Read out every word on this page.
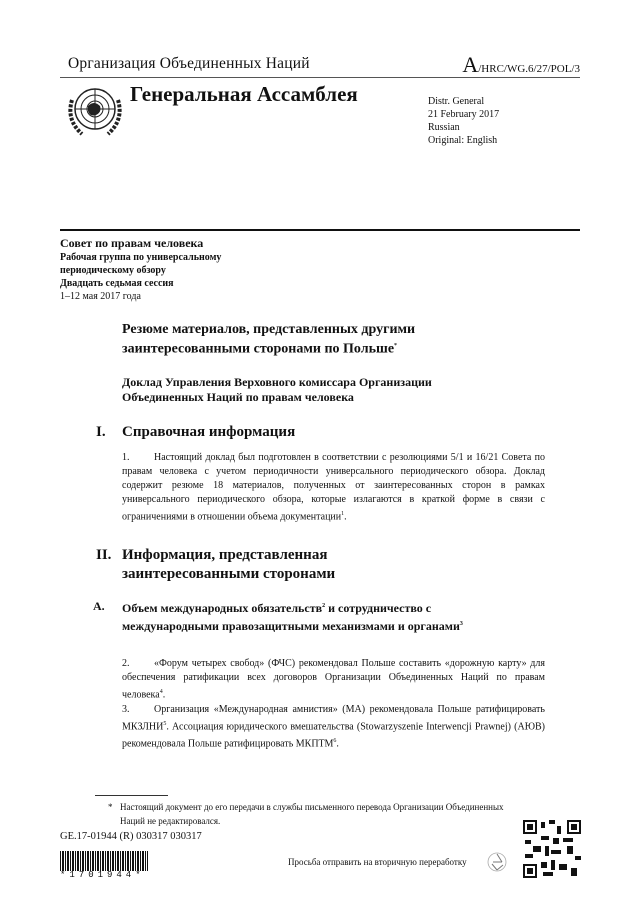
Организация Объединенных Наций	A/HRC/WG.6/27/POL/3
Генеральная Ассамблея	Distr. General
21 February 2017
Russian
Original: English
Совет по правам человека
Рабочая группа по универсальному
периодическому обзору
Двадцать седьмая сессия
1–12 мая 2017 года
Резюме материалов, представленных другими заинтересованными сторонами по Польше*
Доклад Управления Верховного комиссара Организации Объединенных Наций по правам человека
I. Справочная информация
1. Настоящий доклад был подготовлен в соответствии с резолюциями 5/1 и 16/21 Совета по правам человека с учетом периодичности универсального периодического обзора. Доклад содержит резюме 18 материалов, полученных от заинтересованных сторон в рамках универсального периодического обзора, которые излагаются в краткой форме в связи с ограничениями в отношении объема документации$^1$.
II. Информация, представленная заинтересованными сторонами
A. Объем международных обязательств$^2$ и сотрудничество с международными правозащитными механизмами и органами$^3$
2. «Форум четырех свобод» (ФЧС) рекомендовал Польше составить «дорожную карту» для обеспечения ратификации всех договоров Организации Объединенных Наций по правам человека$^4$.
3. Организация «Международная амнистия» (МА) рекомендовала Польше ратифицировать МКЗЛНИ$^5$. Ассоциация юридического вмешательства (Stowarzyszenie Interwencji Prawnej) (АЮВ) рекомендовала Польше ратифицировать МКПТМ$^6$.
* Настоящий документ до его передачи в службы письменного перевода Организации Объединенных Наций не редактировался.
GE.17-01944 (R) 030317 030317
*1701944*
Просьба отправить на вторичную переработку
